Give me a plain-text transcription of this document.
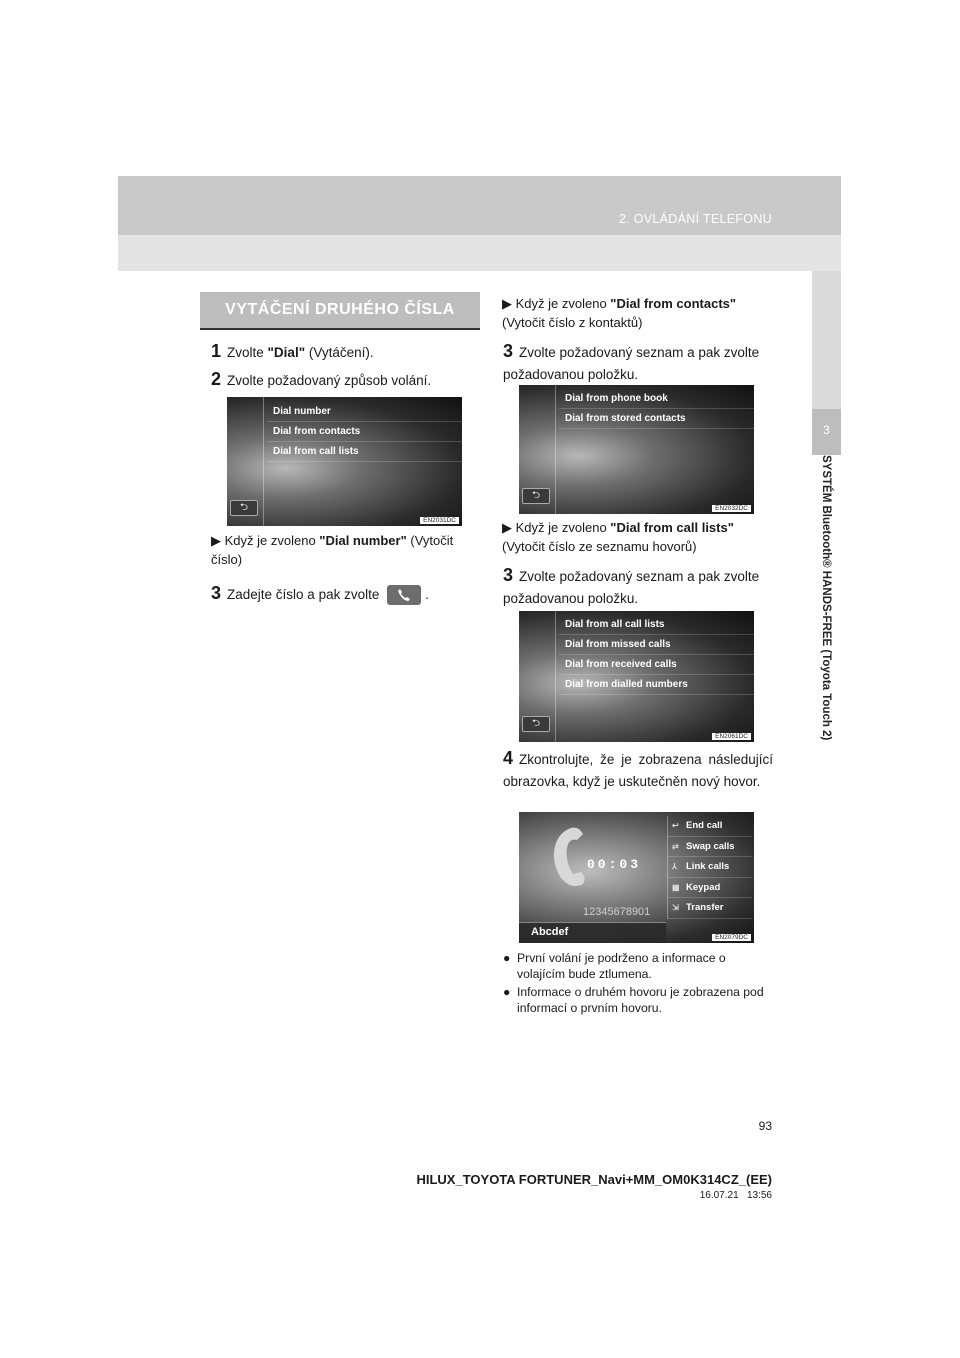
2. OVLÁDÁNÍ TELEFONU
3
SYSTÉM Bluetooth® HANDS-FREE (Toyota Touch 2)
VYTÁČENÍ DRUHÉHO ČÍSLA
1 Zvolte "Dial" (Vytáčení).
2 Zvolte požadovaný způsob volání.
Dial number
Dial from contacts
Dial from call lists
⮌
EN2031DC
▶ Když je zvoleno "Dial number" (Vytočit číslo)
3 Zadejte číslo a pak zvolte	.
▶ Když je zvoleno "Dial from contacts" (Vytočit číslo z kontaktů)
3 Zvolte požadovaný seznam a pak zvolte požadovanou položku.
Dial from phone book
Dial from stored contacts
⮌
EN2032DC
▶ Když je zvoleno "Dial from call lists" (Vytočit číslo ze seznamu hovorů)
3 Zvolte požadovaný seznam a pak zvolte požadovanou položku.
Dial from all call lists
Dial from missed calls
Dial from received calls
Dial from dialled numbers
⮌
EN2061DC
4 Zkontrolujte, že je zobrazena následující obrazovka, když je uskutečněn nový hovor.
00:03
12345678901
Abcdef
↩ End call
⇄ Swap calls
⅄ Link calls
▦ Keypad
⇲ Transfer
EN2079DC
● První volání je podrženo a informace o volajícím bude ztlumena.
● Informace o druhém hovoru je zobrazena pod informací o prvním hovoru.
93
HILUX_TOYOTA FORTUNER_Navi+MM_OM0K314CZ_(EE)
16.07.21   13:56
